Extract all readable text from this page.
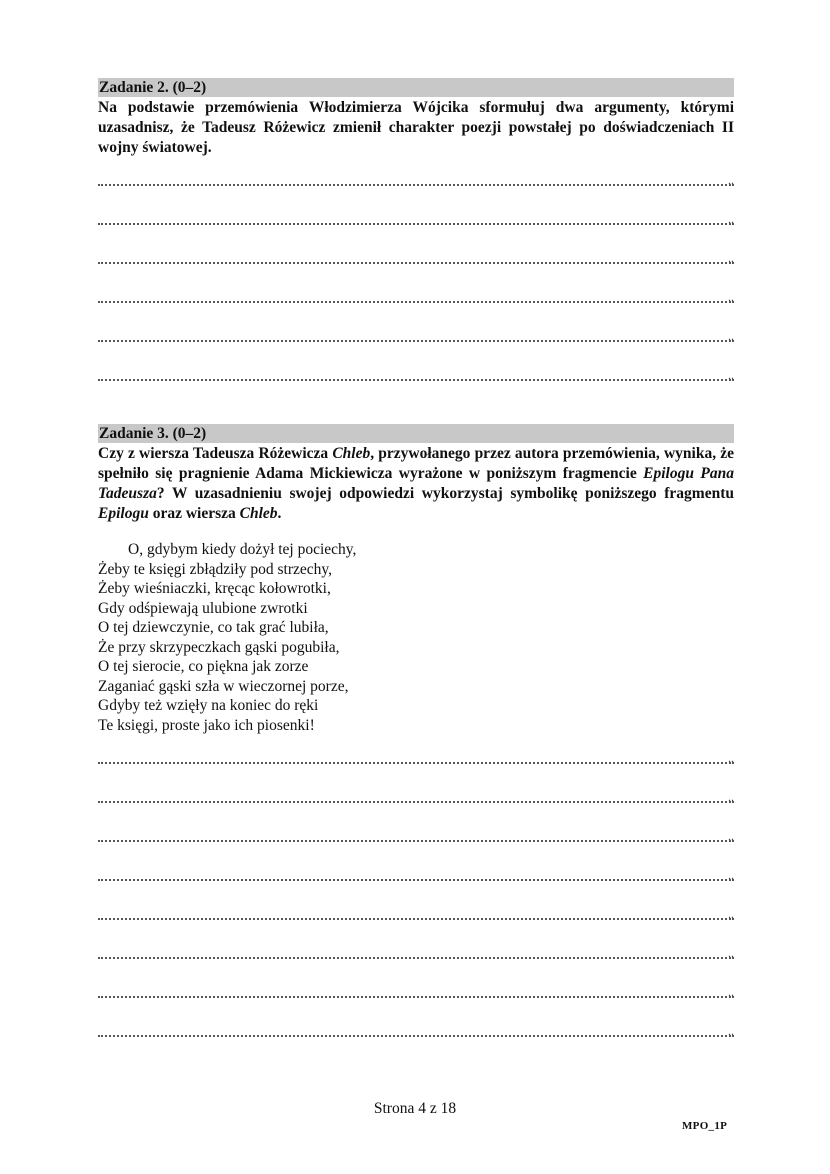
Zadanie 2. (0–2)
Na podstawie przemówienia Włodzimierza Wójcika sformułuj dwa argumenty, którymi uzasadnisz, że Tadeusz Różewicz zmienił charakter poezji powstałej po doświadczeniach II wojny światowej.
..
..
..
..
..
..
Zadanie 3. (0–2)
Czy z wiersza Tadeusza Różewicza Chleb, przywołanego przez autora przemówienia, wynika, że spełniło się pragnienie Adama Mickiewicza wyrażone w poniższym fragmencie Epilogu Pana Tadeusza? W uzasadnieniu swojej odpowiedzi wykorzystaj symbolikę poniższego fragmentu Epilogu oraz wiersza Chleb.
O, gdybym kiedy dożył tej pociechy,
Żeby te księgi zbłądziły pod strzechy,
Żeby wieśniaczki, kręcąc kołowrotki,
Gdy odśpiewają ulubione zwrotki
O tej dziewczynie, co tak grać lubiła,
Że przy skrzypeczkach gąski pogubiła,
O tej sierocie, co piękna jak zorze
Zaganiać gąski szła w wieczornej porze,
Gdyby też wzięły na koniec do ręki
Te księgi, proste jako ich piosenki!
..
..
..
..
..
..
..
..
Strona 4 z 18
MPO_1P
